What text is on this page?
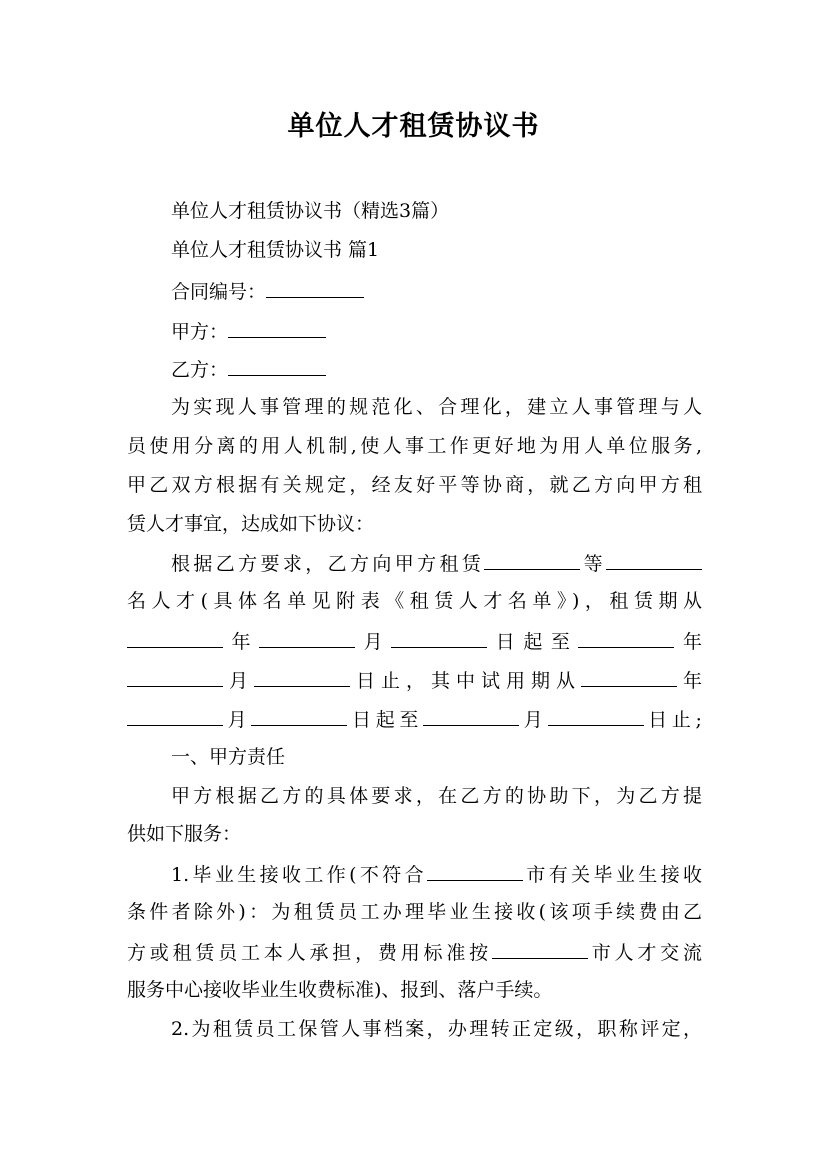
单位人才租赁协议书
单位人才租赁协议书（精选3篇）
单位人才租赁协议书 篇1
合同编号：
甲方：
乙方：
为实现人事管理的规范化、合理化，建立人事管理与人
员使用分离的用人机制,使人事工作更好地为用人单位服务,
甲乙双方根据有关规定，经友好平等协商，就乙方向甲方租
赁人才事宜，达成如下协议：
根据乙方要求，乙方向甲方租赁	等
名人才(具体名单见附表《租赁人才名单》)，租赁期从
年	月	日起至	年
月	日止，其中试用期从	年
月	日起至	月	日止;
一、甲方责任
甲方根据乙方的具体要求，在乙方的协助下，为乙方提
供如下服务：
1.毕业生接收工作(不符合	市有关毕业生接收
条件者除外)：为租赁员工办理毕业生接收(该项手续费由乙
方或租赁员工本人承担，费用标准按	市人才交流
服务中心接收毕业生收费标准)、报到、落户手续。
2.为租赁员工保管人事档案，办理转正定级，职称评定，
